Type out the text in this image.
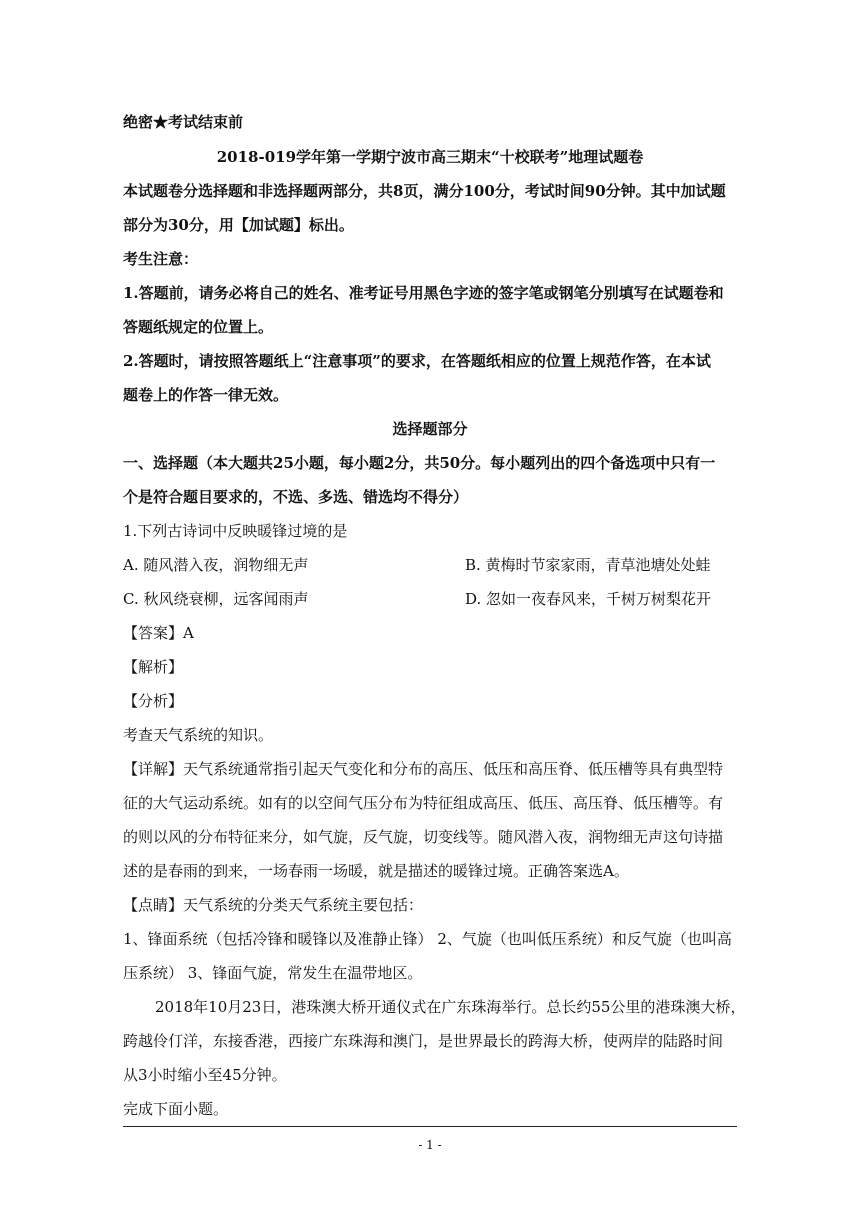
绝密★考试结束前
2018-019学年第一学期宁波市高三期末“十校联考”地理试题卷
本试题卷分选择题和非选择题两部分，共8页，满分100分，考试时间90分钟。其中加试题
部分为30分，用【加试题】标出。
考生注意：
1.答题前，请务必将自己的姓名、准考证号用黑色字迹的签字笔或钢笔分别填写在试题卷和
答题纸规定的位置上。
2.答题时，请按照答题纸上“注意事项”的要求，在答题纸相应的位置上规范作答，在本试
题卷上的作答一律无效。
选择题部分
一、选择题（本大题共25小题，每小题2分，共50分。每小题列出的四个备选项中只有一
个是符合题目要求的，不选、多选、错选均不得分）
1.下列古诗词中反映暖锋过境的是
A. 随风潜入夜，润物细无声	B. 黄梅时节家家雨，青草池塘处处蛙
C. 秋风绕衰柳，远客闻雨声	D. 忽如一夜春风来，千树万树梨花开
【答案】A
【解析】
【分析】
考查天气系统的知识。
【详解】天气系统通常指引起天气变化和分布的高压、低压和高压脊、低压槽等具有典型特
征的大气运动系统。如有的以空间气压分布为特征组成高压、低压、高压脊、低压槽等。有
的则以风的分布特征来分，如气旋，反气旋，切变线等。随风潜入夜，润物细无声这句诗描
述的是春雨的到来，一场春雨一场暖，就是描述的暖锋过境。正确答案选A。
【点睛】天气系统的分类天气系统主要包括：
1、锋面系统（包括冷锋和暖锋以及准静止锋） 2、气旋（也叫低压系统）和反气旋（也叫高
压系统） 3、锋面气旋，常发生在温带地区。
2018年10月23日，港珠澳大桥开通仪式在广东珠海举行。总长约55公里的港珠澳大桥，
跨越伶仃洋，东接香港，西接广东珠海和澳门，是世界最长的跨海大桥，使两岸的陆路时间
从3小时缩小至45分钟。
完成下面小题。
- 1 -
